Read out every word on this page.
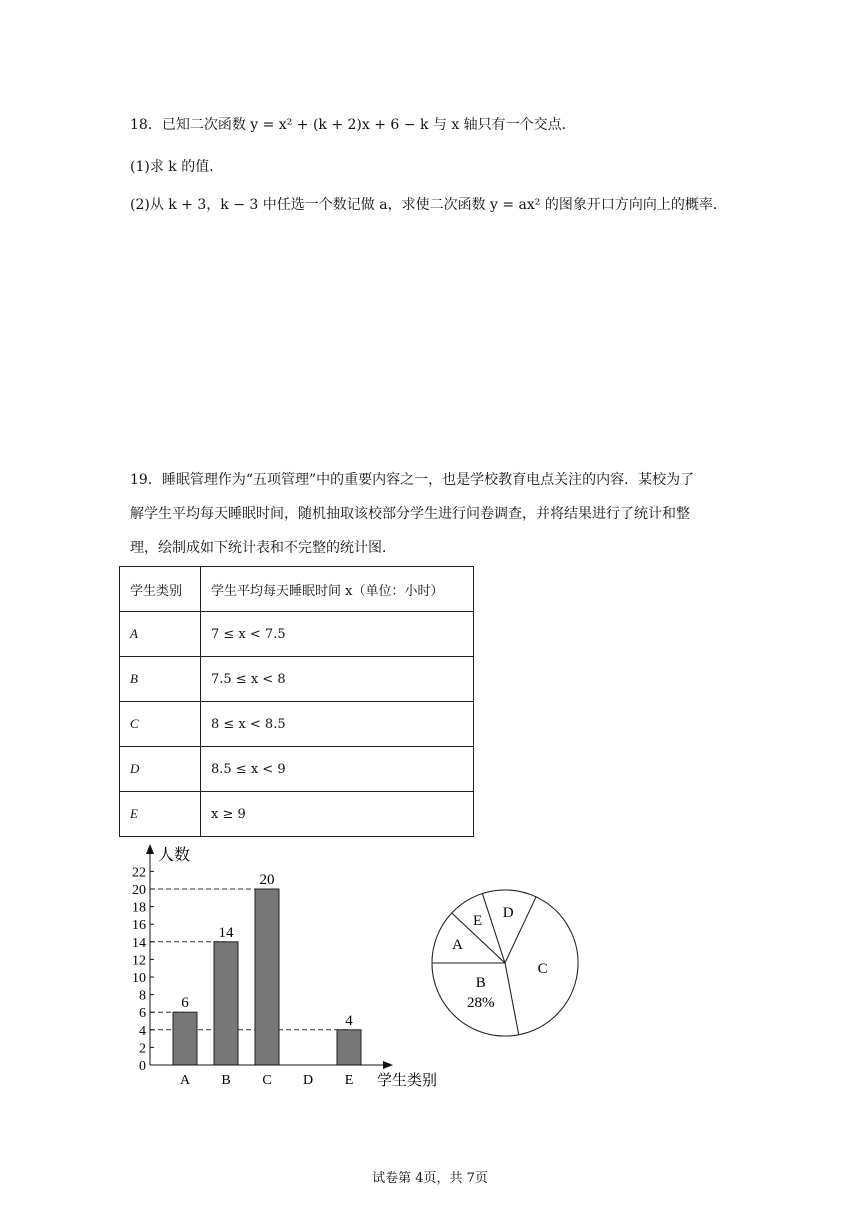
18．已知二次函数 y = x² + (k + 2)x + 6 − k 与 x 轴只有一个交点．
(1)求 k 的值．
(2)从 k + 3，k − 3 中任选一个数记做 a，求使二次函数 y = ax² 的图象开口方向向上的概率．
19．睡眠管理作为“五项管理”中的重要内容之一，也是学校教育电点关注的内容．某校为了
解学生平均每天睡眠时间，随机抽取该校部分学生进行问卷调查，并将结果进行了统计和整
理，绘制成如下统计表和不完整的统计图．
学生类别	学生平均每天睡眠时间 x（单位：小时）
A	7 ≤ x < 7.5
B	7.5 ≤ x < 8
C	8 ≤ x < 8.5
D	8.5 ≤ x < 9
E	x ≥ 9
0
2
4
6
8
10
12
14
16
18
20
22
A B C D E
6
14
20
4
人数
学生类别
A
E D
C
B
28%
试卷第 4页，共 7页
